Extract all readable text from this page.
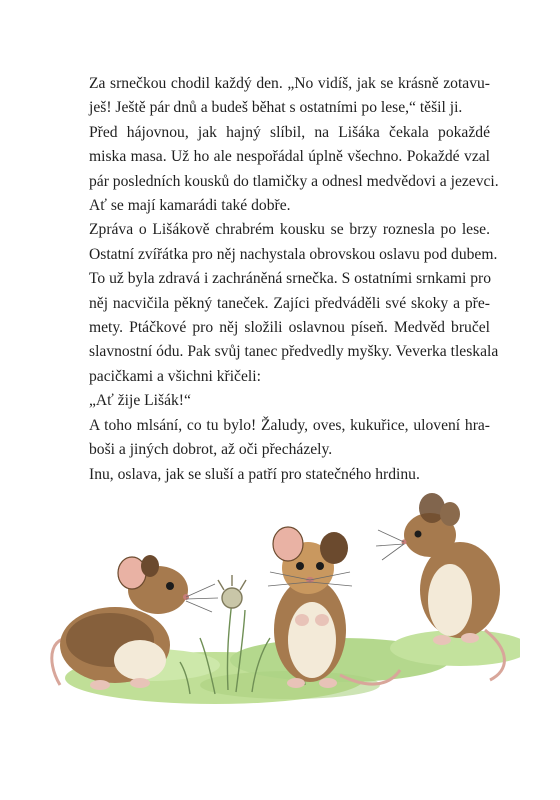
Za srnečkou chodil každý den. „No vidíš, jak se krásně zotavu-
ješ! Ještě pár dnů a budeš běhat s ostatními po lese,“ těšil ji.

Před hájovnou, jak hajný slíbil, na Lišáka čekala pokaždé
miska masa. Už ho ale nespořádal úplně všechno. Pokaždé vzal
pár posledních kousků do tlamičky a odnesl medvědovi a jezevci.
Ať se mají kamarádi také dobře.

Zpráva o Lišákově chrabrém kousku se brzy roznesla po lese.
Ostatní zvířátka pro něj nachystala obrovskou oslavu pod dubem.
To už byla zdravá i zachráněná srnečka. S ostatními srnkami pro
něj nacvičila pěkný taneček. Zajíci předváděli své skoky a pře-
mety. Ptáčkové pro něj složili oslavnou píseň. Medvěd bručel
slavnostní ódu. Pak svůj tanec předvedly myšky. Veverka tleskala
pacičkami a všichni křičeli:

„Ať žije Lišák!“

A toho mlsání, co tu bylo! Žaludy, oves, kukuřice, ulovení hra-
boši a jiných dobrot, až oči přecházely.

Inu, oslava, jak se sluší a patří pro statečného hrdinu.
